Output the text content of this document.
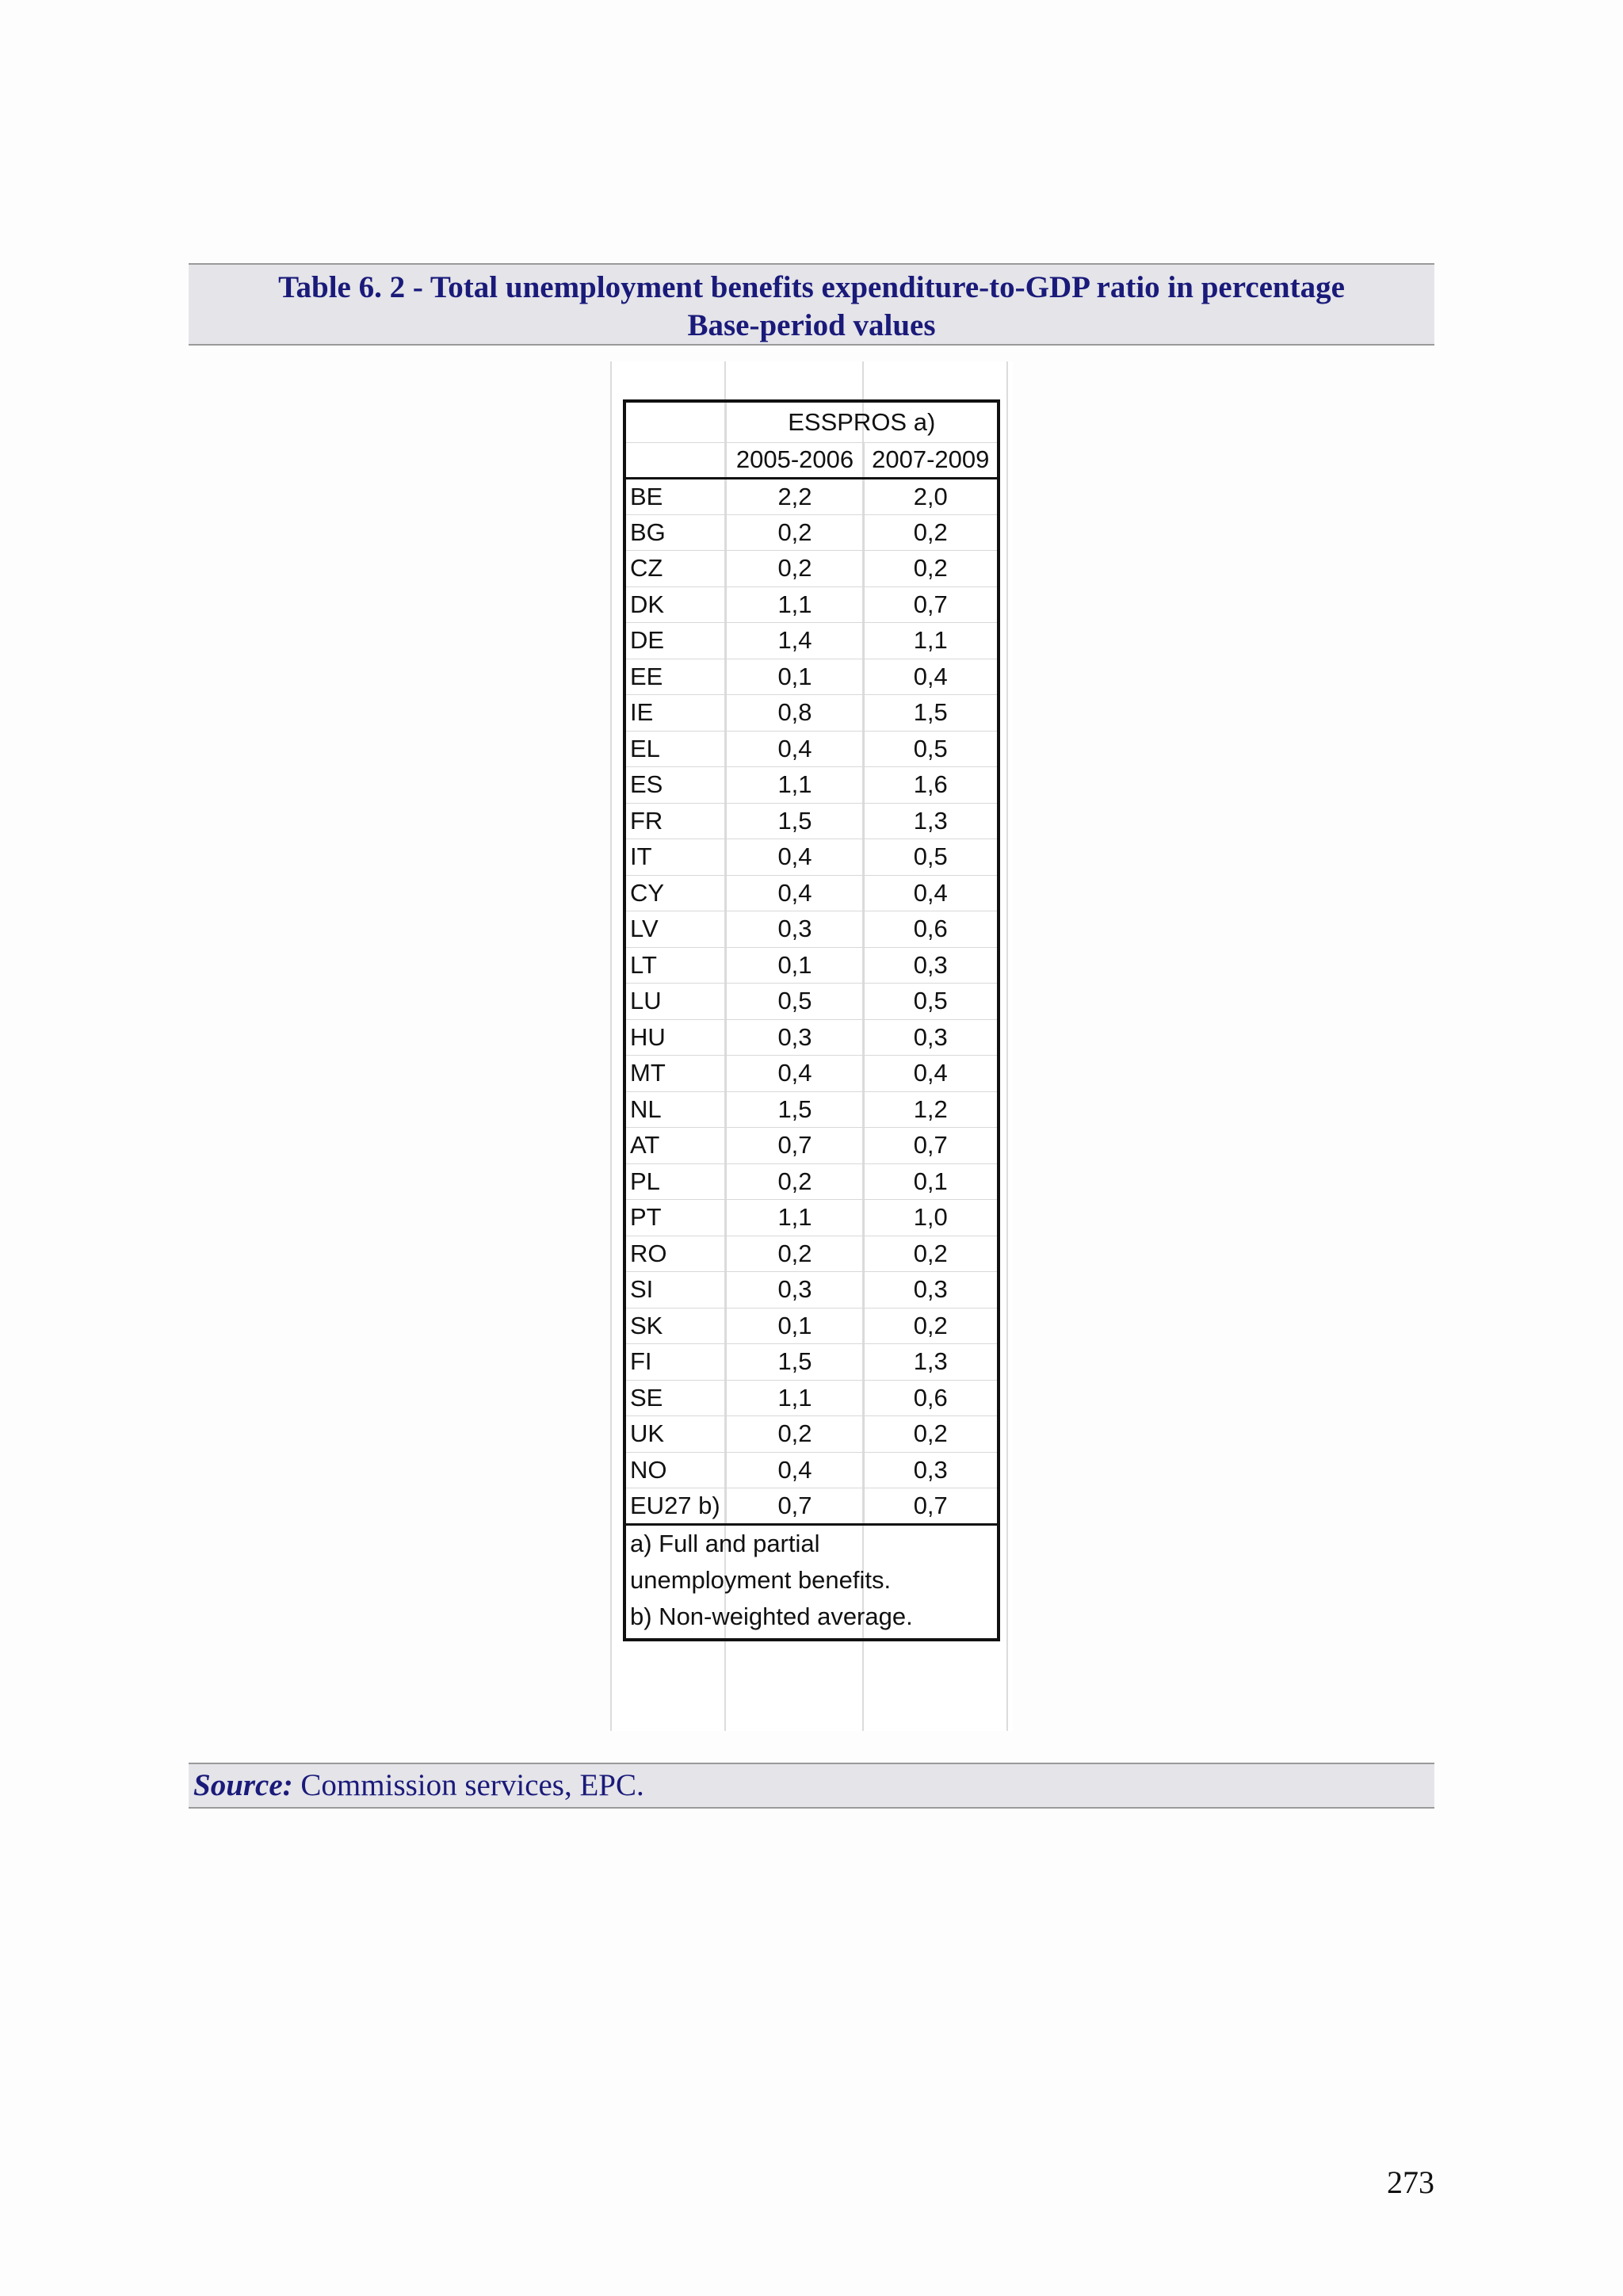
Table 6. 2 - Total unemployment benefits expenditure-to-GDP ratio in percentage
Base-period values
	ESSPROS a)	
	2005-2006	2007-2009
BE	2,2	2,0
BG	0,2	0,2
CZ	0,2	0,2
DK	1,1	0,7
DE	1,4	1,1
EE	0,1	0,4
IE	0,8	1,5
EL	0,4	0,5
ES	1,1	1,6
FR	1,5	1,3
IT	0,4	0,5
CY	0,4	0,4
LV	0,3	0,6
LT	0,1	0,3
LU	0,5	0,5
HU	0,3	0,3
MT	0,4	0,4
NL	1,5	1,2
AT	0,7	0,7
PL	0,2	0,1
PT	1,1	1,0
RO	0,2	0,2
SI	0,3	0,3
SK	0,1	0,2
FI	1,5	1,3
SE	1,1	0,6
UK	0,2	0,2
NO	0,4	0,3
EU27 b)	0,7	0,7

a) Full and partial
unemployment benefits.
b) Non-weighted average.		
Source: Commission services, EPC.
273
